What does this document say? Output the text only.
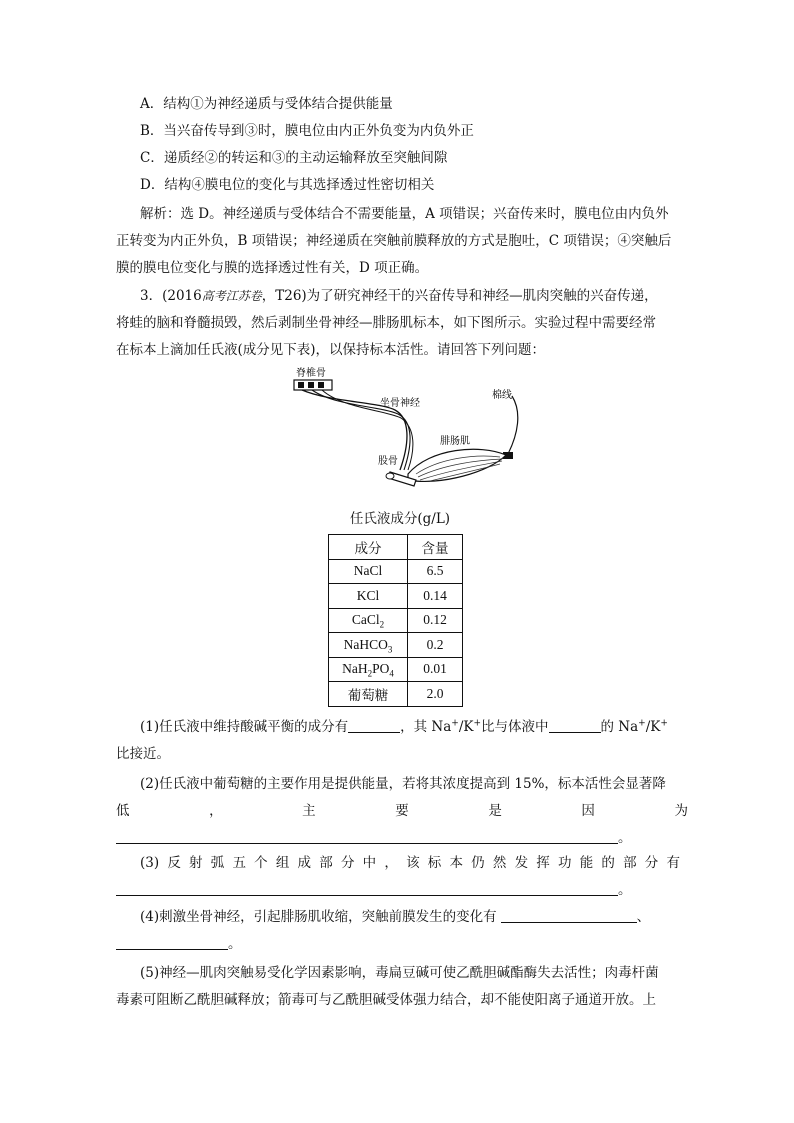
A．结构①为神经递质与受体结合提供能量
B．当兴奋传导到③时，膜电位由内正外负变为内负外正
C．递质经②的转运和③的主动运输释放至突触间隙
D．结构④膜电位的变化与其选择透过性密切相关
解析：选 D。神经递质与受体结合不需要能量，A 项错误；兴奋传来时，膜电位由内负外
正转变为内正外负，B 项错误；神经递质在突触前膜释放的方式是胞吐，C 项错误；④突触后
膜的膜电位变化与膜的选择透过性有关，D 项正确。
3．(2016高考江苏卷，T26)为了研究神经干的兴奋传导和神经—肌肉突触的兴奋传递，
将蛙的脑和脊髓损毁，然后剥制坐骨神经—腓肠肌标本，如下图所示。实验过程中需要经常
在标本上滴加任氏液(成分见下表)，以保持标本活性。请回答下列问题：
脊椎骨
坐骨神经
棉线
腓肠肌
股骨
任氏液成分(g/L)
成分	含量
NaCl	6.5
KCl	0.14
CaCl$_2$	0.12
NaHCO$_3$	0.2
$NaH_2PO_4$	0.01
葡萄糖	2.0
(1)任氏液中维持酸碱平衡的成分有	，其 Na+/K+比与体液中	的 Na+/K+
比接近。
(2)任氏液中葡萄糖的主要作用是提供能量，若将其浓度提高到 15%，标本活性会显著降
低	，	主	要	是	因	为
。
(3) 反 射 弧 五 个 组 成 部 分 中 ， 该 标 本 仍 然 发 挥 功 能 的 部 分 有
。
(4)刺激坐骨神经，引起腓肠肌收缩，突触前膜发生的变化有	、
。
(5)神经—肌肉突触易受化学因素影响，毒扁豆碱可使乙酰胆碱酯酶失去活性；肉毒杆菌
毒素可阻断乙酰胆碱释放；箭毒可与乙酰胆碱受体强力结合，却不能使阳离子通道开放。上
